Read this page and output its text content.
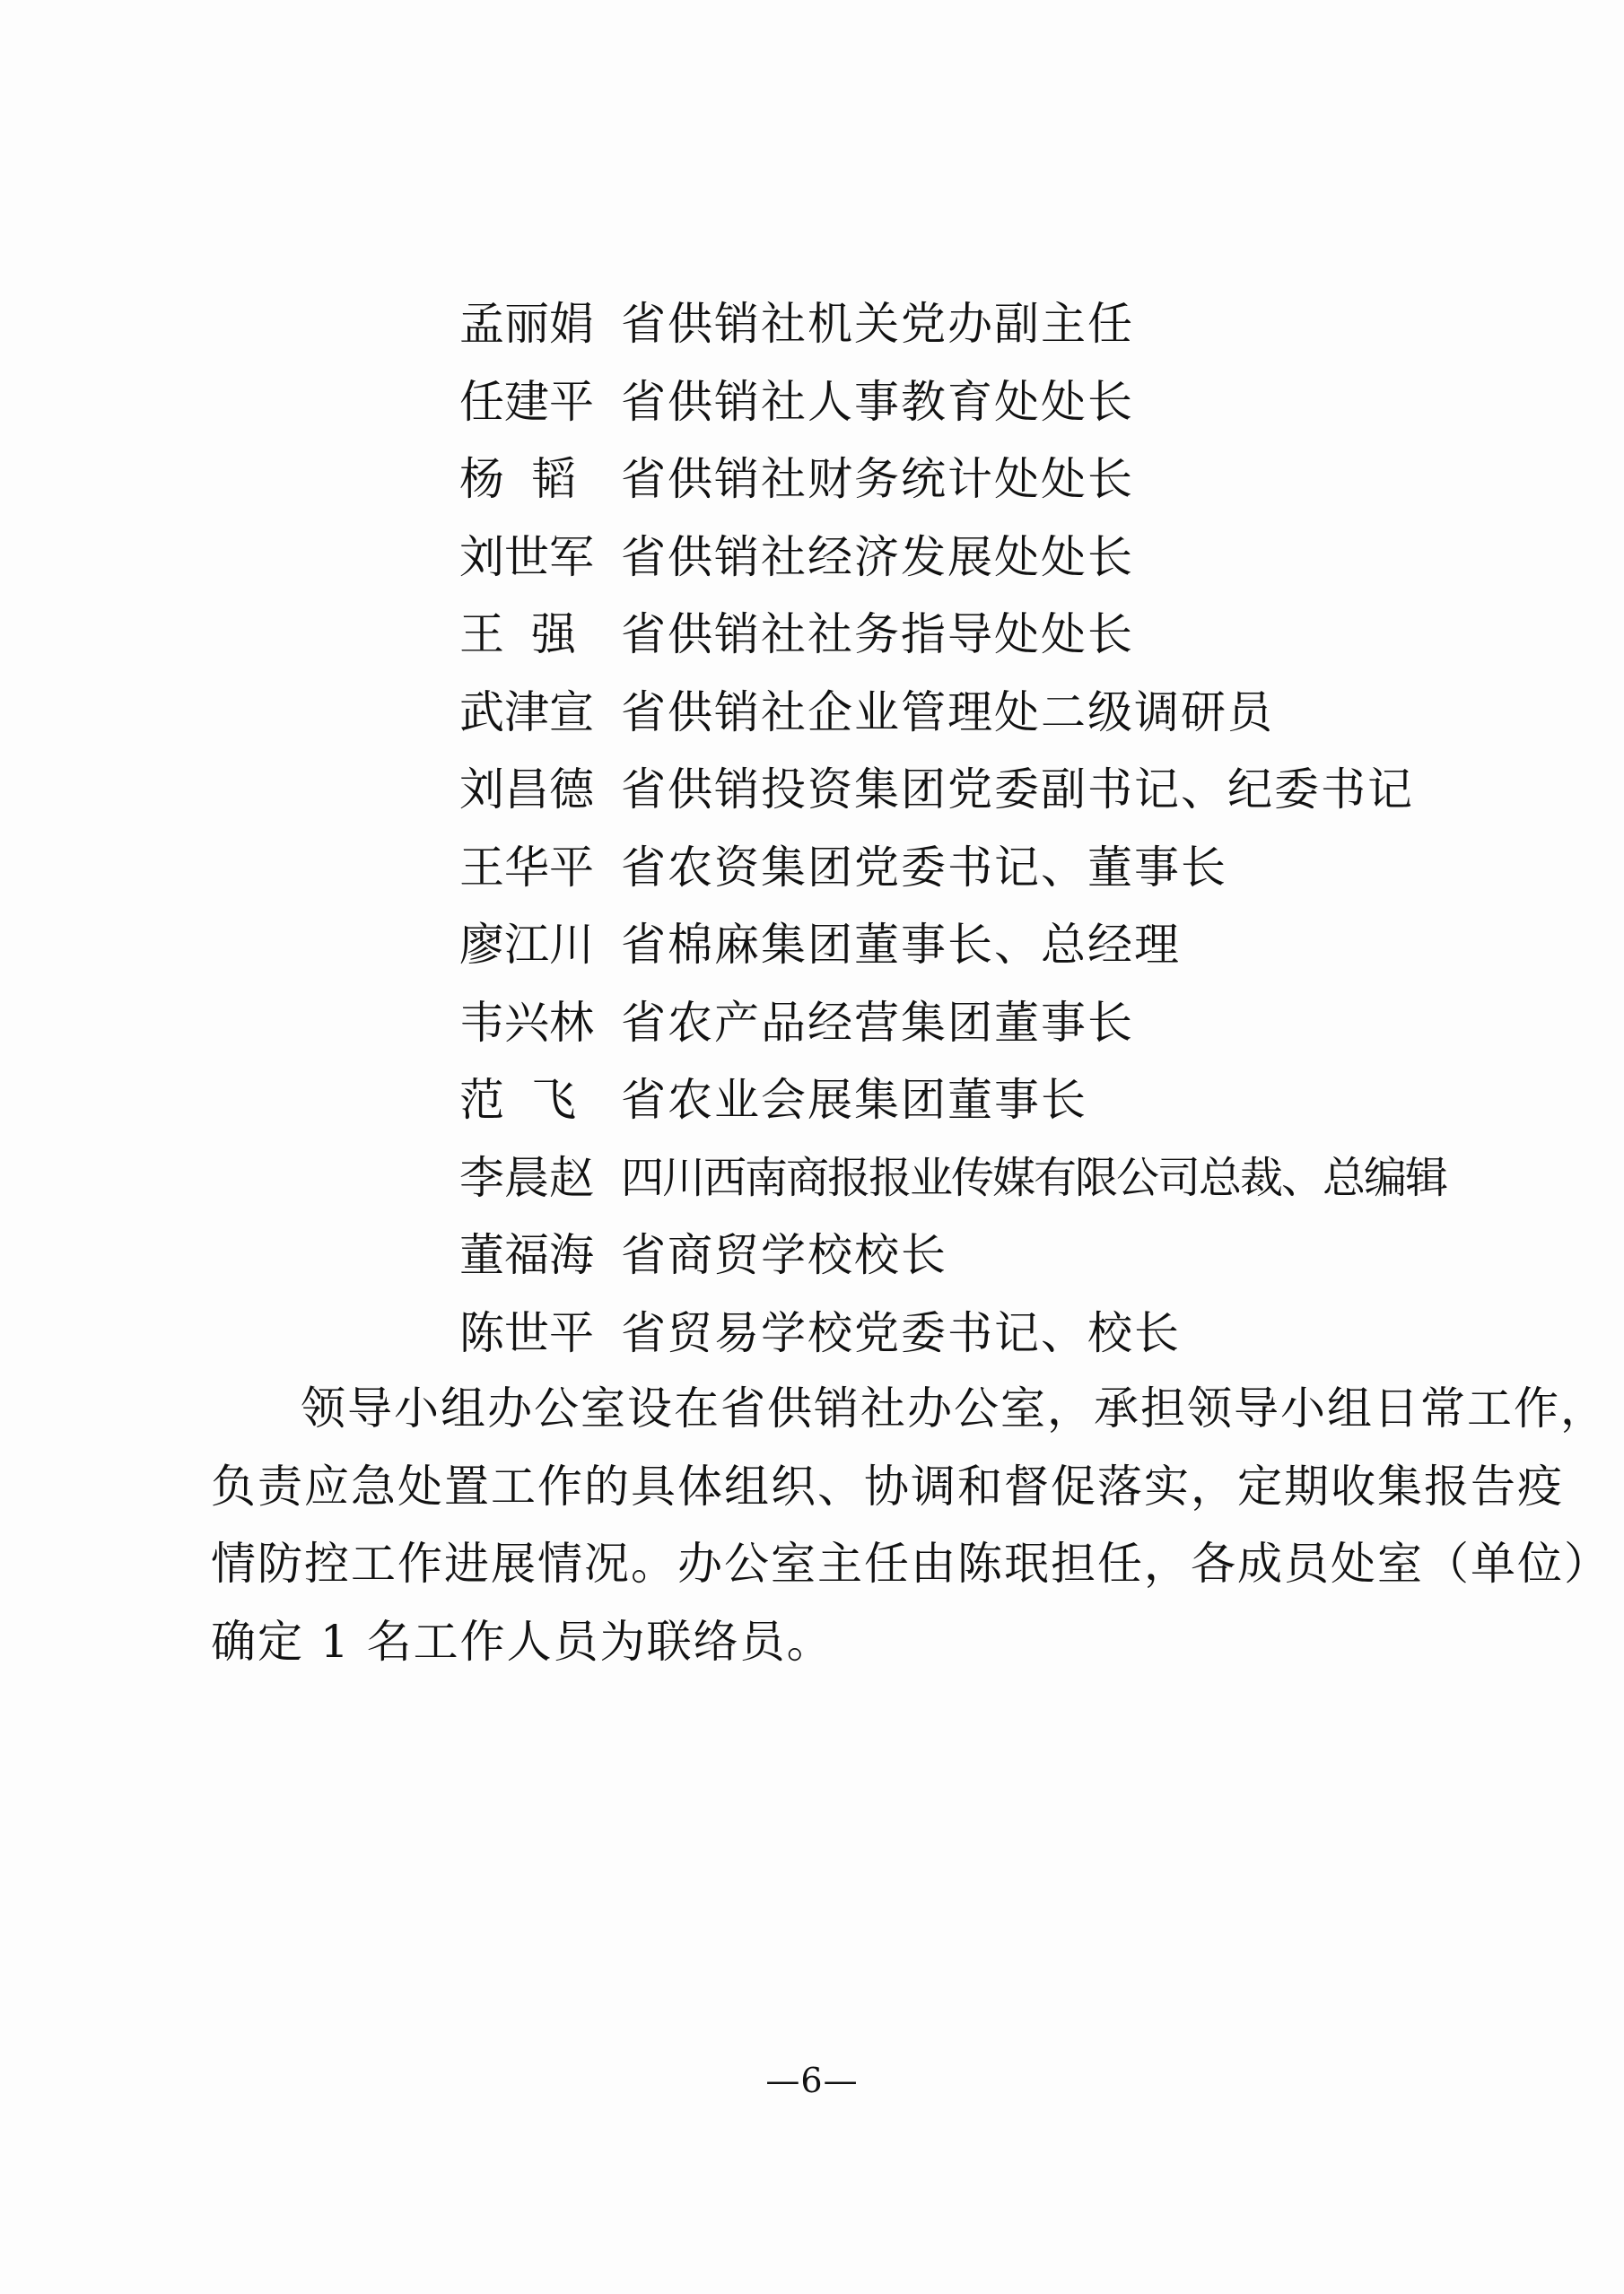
孟 丽 娟 省供销社机关党办副主任
任 建 平 省供销社人事教育处处长
杨 韬 省供销社财务统计处处长
刘 世 军 省供销社经济发展处处长
王 强 省供销社社务指导处处长
武 津 宣 省供销社企业管理处二级调研员
刘 昌 德 省供销投资集团党委副书记、纪委书记
王 华 平 省农资集团党委书记、董事长
廖 江 川 省棉麻集团董事长、总经理
韦 兴 林 省农产品经营集团董事长
范 飞 省农业会展集团董事长
李 晨 赵 四川西南商报报业传媒有限公司总裁、总编辑
董 福 海 省商贸学校校长
陈 世 平 省贸易学校党委书记、校长
领导小组办公室设在省供销社办公室，承担领导小组日常工作，
负责应急处置工作的具体组织、协调和督促落实，定期收集报告疫
情防控工作进展情况。办公室主任由陈珉担任，各成员处室（单位）
确定 1 名工作人员为联络员。
—6—
